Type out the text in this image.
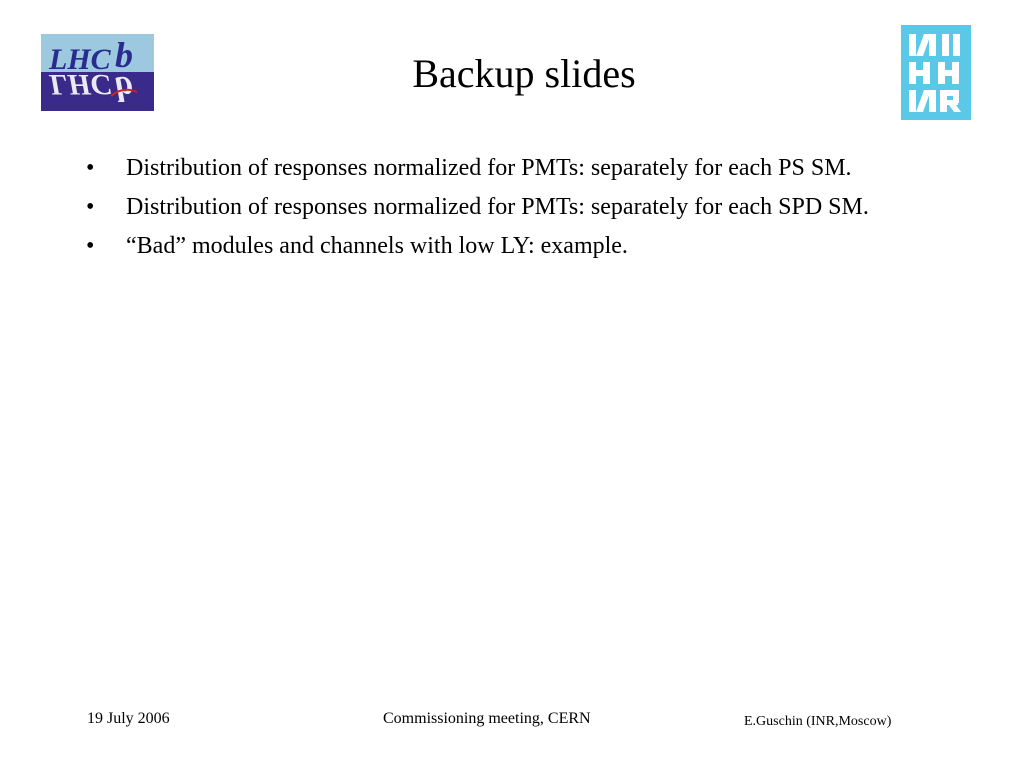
LHC b
LHC b	Backup slides
•	Distribution of responses normalized for PMTs: separately for each PS SM.
•	Distribution of responses normalized for PMTs: separately for each SPD SM.
•	“Bad” modules and channels with low LY: example.
19 July 2006	Commissioning meeting, CERN	E.Guschin (INR,Moscow)
